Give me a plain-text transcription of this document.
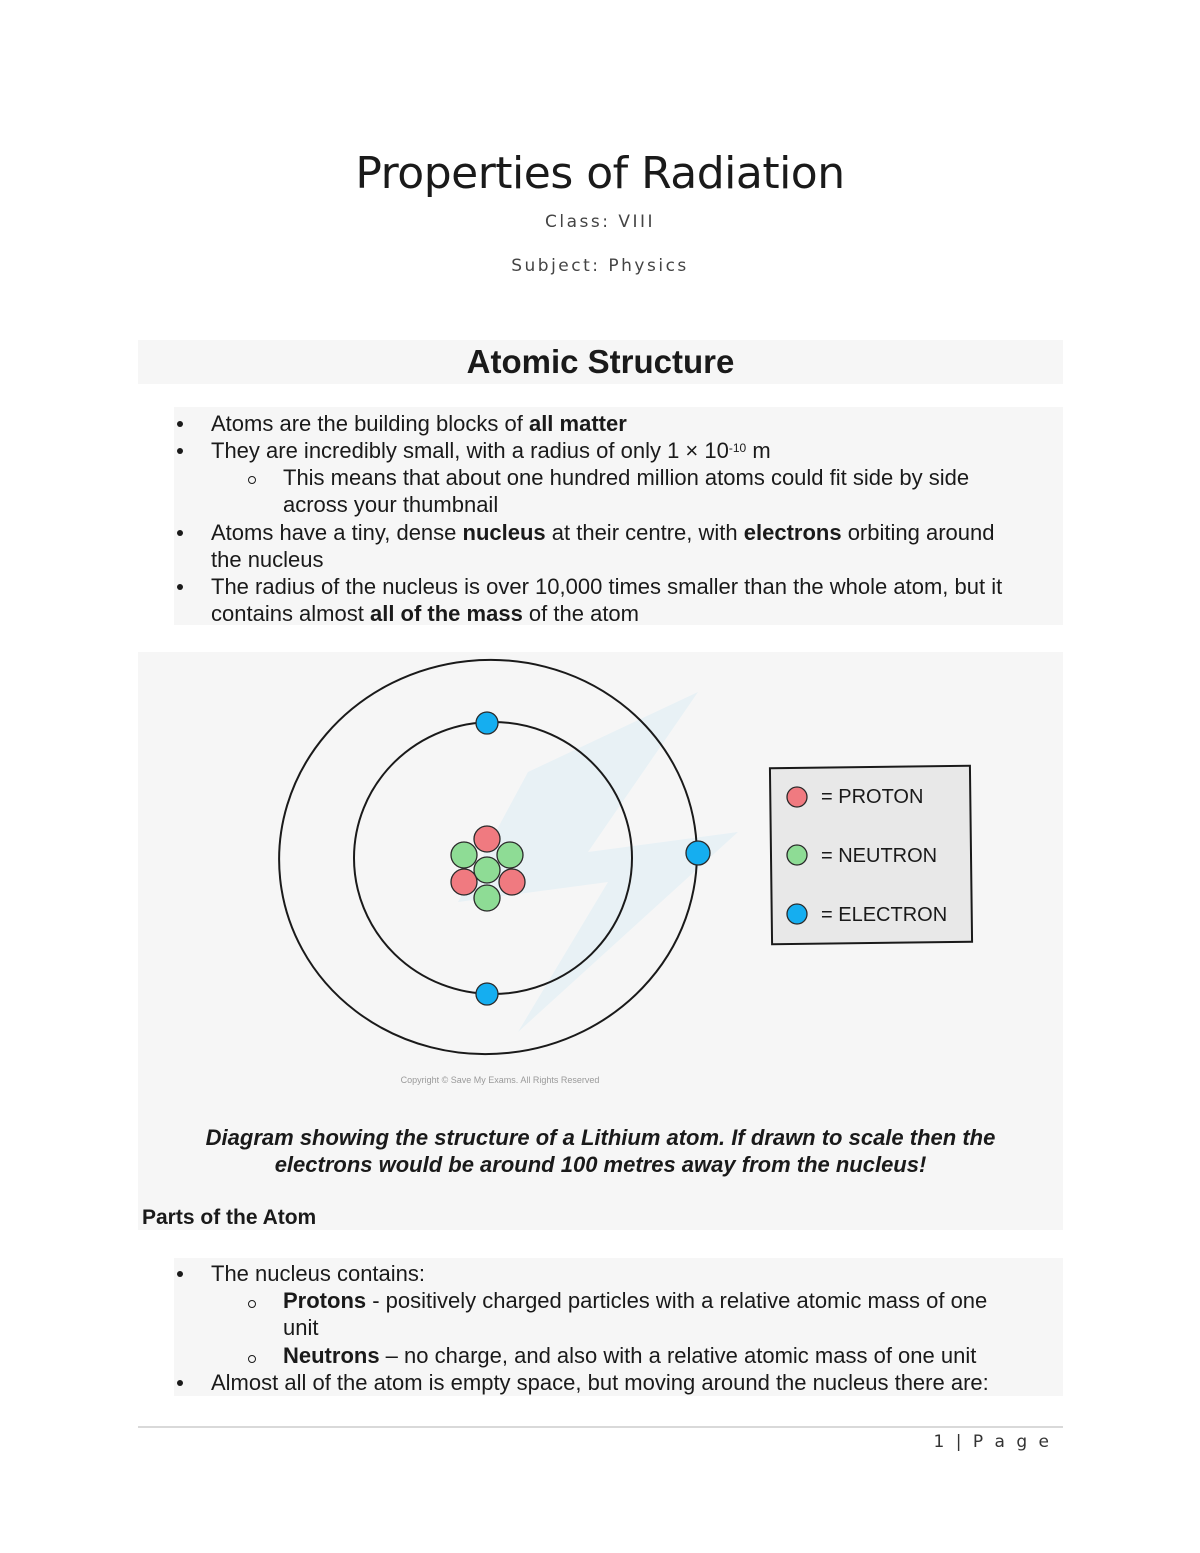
Properties of Radiation
Class: VIII
Subject: Physics
Atomic Structure
Atoms are the building blocks of all matter
They are incredibly small, with a radius of only $1 \times 10^{-10}$ m
This means that about one hundred million atoms could fit side by side
across your thumbnail
Atoms have a tiny, dense nucleus at their centre, with electrons orbiting around
the nucleus
The radius of the nucleus is over 10,000 times smaller than the whole atom, but it
contains almost all of the mass of the atom
= PROTON
= NEUTRON
= ELECTRON
Copyright © Save My Exams. All Rights Reserved
Diagram showing the structure of a Lithium atom. If drawn to scale then the
electrons would be around 100 metres away from the nucleus!
Parts of the Atom
The nucleus contains:
Protons - positively charged particles with a relative atomic mass of one
unit
Neutrons – no charge, and also with a relative atomic mass of one unit
Almost all of the atom is empty space, but moving around the nucleus there are:
1 | P a g e
